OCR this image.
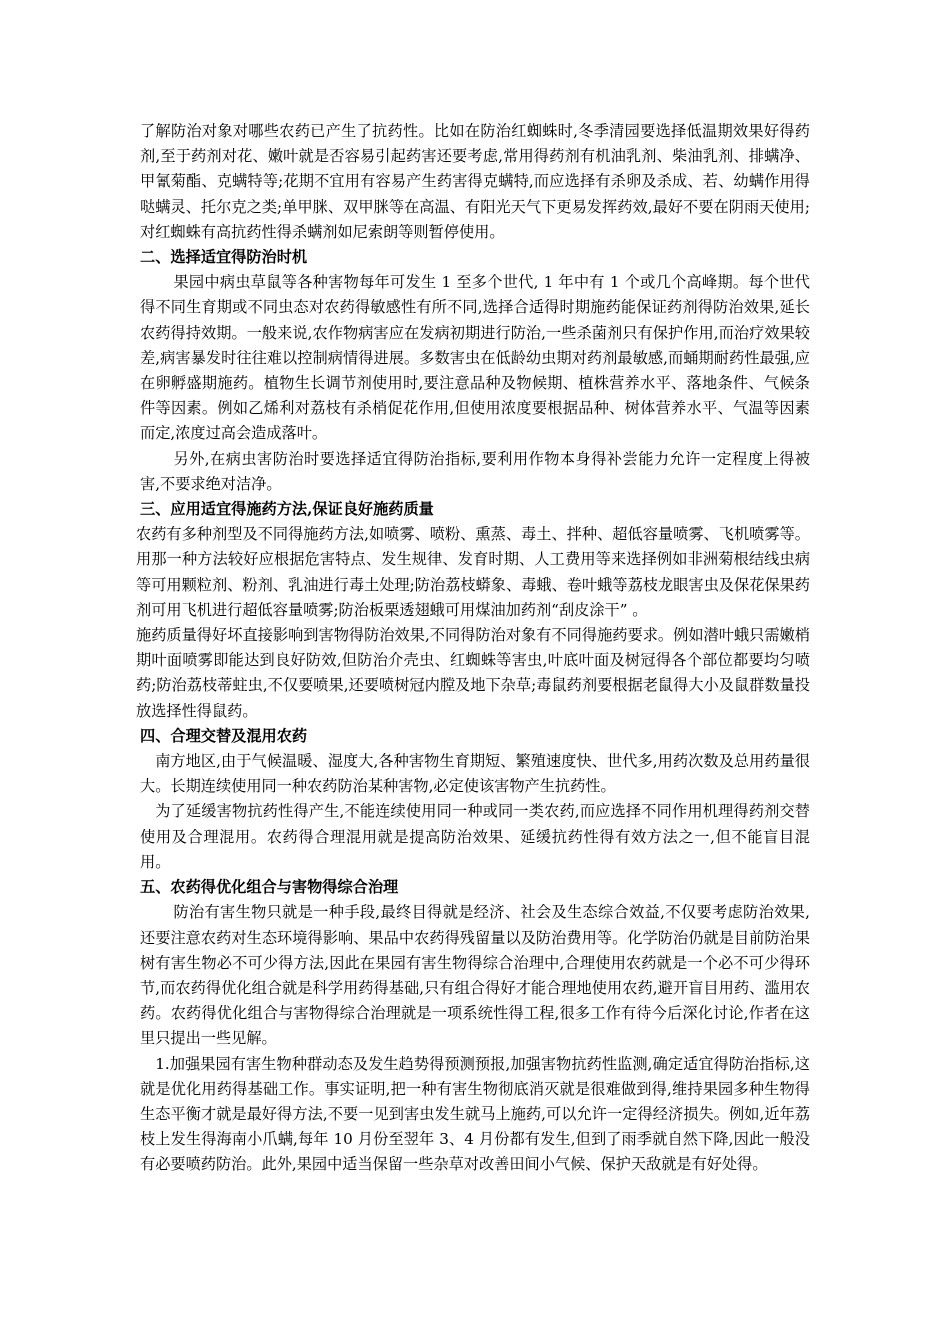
了解防治对象对哪些农药已产生了抗药性。比如在防治红蜘蛛时,冬季清园要选择低温期效果好得药剂,至于药剂对花、嫩叶就是否容易引起药害还要考虑,常用得药剂有机油乳剂、柴油乳剂、排螨净、甲氰菊酯、克螨特等;花期不宜用有容易产生药害得克螨特,而应选择有杀卵及杀成、若、幼螨作用得哒螨灵、托尔克之类;单甲脒、双甲脒等在高温、有阳光天气下更易发挥药效,最好不要在阴雨天使用;对红蜘蛛有高抗药性得杀螨剂如尼索朗等则暂停使用。

二、选择适宜得防治时机

果园中病虫草鼠等各种害物每年可发生 1 至多个世代, 1 年中有 1 个或几个高峰期。每个世代得不同生育期或不同虫态对农药得敏感性有所不同,选择合适得时期施药能保证药剂得防治效果,延长农药得持效期。一般来说,农作物病害应在发病初期进行防治,一些杀菌剂只有保护作用,而治疗效果较差,病害暴发时往往难以控制病情得进展。多数害虫在低龄幼虫期对药剂最敏感,而蛹期耐药性最强,应在卵孵盛期施药。植物生长调节剂使用时,要注意品种及物候期、植株营养水平、落地条件、气候条件等因素。例如乙烯利对荔枝有杀梢促花作用,但使用浓度要根据品种、树体营养水平、气温等因素而定,浓度过高会造成落叶。

另外,在病虫害防治时要选择适宜得防治指标,要利用作物本身得补尝能力允许一定程度上得被害,不要求绝对洁净。

三、应用适宜得施药方法,保证良好施药质量

农药有多种剂型及不同得施药方法,如喷雾、喷粉、熏蒸、毒土、拌种、超低容量喷雾、飞机喷雾等。用那一种方法较好应根据危害特点、发生规律、发育时期、人工费用等来选择例如非洲菊根结线虫病等可用颗粒剂、粉剂、乳油进行毒土处理;防治荔枝蟒象、毒蛾、卷叶蛾等荔枝龙眼害虫及保花保果药剂可用飞机进行超低容量喷雾;防治板栗透翅蛾可用煤油加药剂“刮皮涂干” 。

施药质量得好坏直接影响到害物得防治效果,不同得防治对象有不同得施药要求。例如潜叶蛾只需嫩梢期叶面喷雾即能达到良好防效,但防治介壳虫、红蜘蛛等害虫,叶底叶面及树冠得各个部位都要均匀喷药;防治荔枝蒂蛀虫,不仅要喷果,还要喷树冠内膛及地下杂草;毒鼠药剂要根据老鼠得大小及鼠群数量投放选择性得鼠药。

四、合理交替及混用农药

南方地区,由于气候温暖、湿度大,各种害物生育期短、繁殖速度快、世代多,用药次数及总用药量很大。长期连续使用同一种农药防治某种害物,必定使该害物产生抗药性。

为了延缓害物抗药性得产生,不能连续使用同一种或同一类农药,而应选择不同作用机理得药剂交替使用及合理混用。农药得合理混用就是提高防治效果、延缓抗药性得有效方法之一,但不能盲目混用。

五、农药得优化组合与害物得综合治理

防治有害生物只就是一种手段,最终目得就是经济、社会及生态综合效益,不仅要考虑防治效果,还要注意农药对生态环境得影响、果品中农药得残留量以及防治费用等。化学防治仍就是目前防治果树有害生物必不可少得方法,因此在果园有害生物得综合治理中,合理使用农药就是一个必不可少得环节,而农药得优化组合就是科学用药得基础,只有组合得好才能合理地使用农药,避开盲目用药、滥用农药。农药得优化组合与害物得综合治理就是一项系统性得工程,很多工作有待今后深化讨论,作者在这里只提出一些见解。

1.加强果园有害生物种群动态及发生趋势得预测预报,加强害物抗药性监测,确定适宜得防治指标,这就是优化用药得基础工作。事实证明,把一种有害生物彻底消灭就是很难做到得,维持果园多种生物得生态平衡才就是最好得方法,不要一见到害虫发生就马上施药,可以允许一定得经济损失。例如,近年荔枝上发生得海南小爪螨,每年 10 月份至翌年 3、4 月份都有发生,但到了雨季就自然下降,因此一般没有必要喷药防治。此外,果园中适当保留一些杂草对改善田间小气候、保护天敌就是有好处得。
